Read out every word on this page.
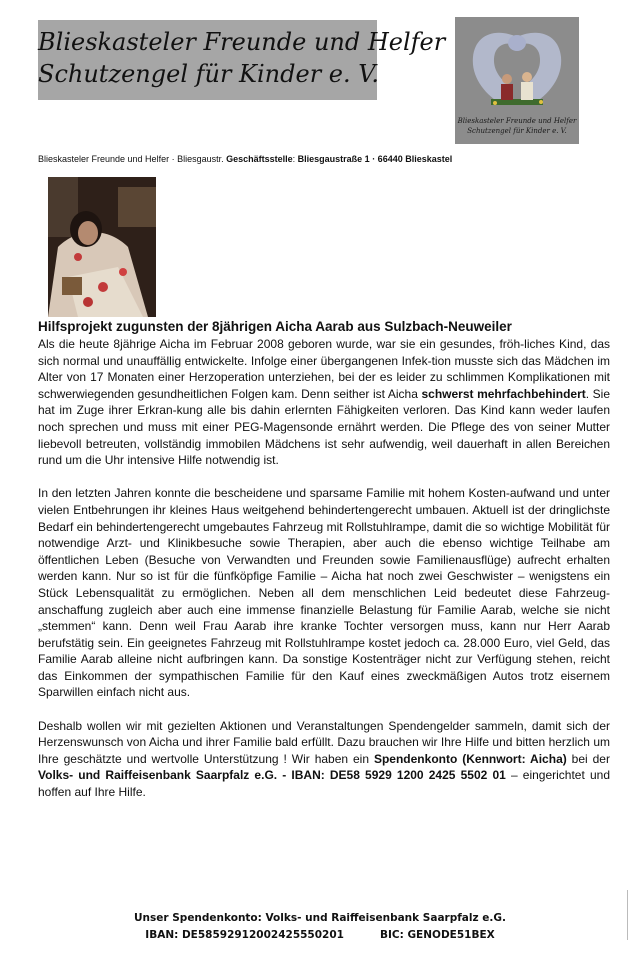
Blieskasteler Freunde und Helfer
Schutzengel für Kinder e. V.
Blieskasteler Freunde und Helfer
Schutzengel für Kinder e. V.
Blieskasteler Freunde und Helfer · Bliesgaustr. Geschäftsstelle: Bliesgaustraße 1 · 66440 Blieskastel
Hilfsprojekt zugunsten der 8jährigen Aicha Aarab aus Sulzbach-Neuweiler

Als die heute 8jährige Aicha im Februar 2008 geboren wurde, war sie ein gesundes, fröh-liches Kind, das sich normal und unauffällig entwickelte. Infolge einer übergangenen Infek-tion musste sich das Mädchen im Alter von 17 Monaten einer Herzoperation unterziehen, bei der es leider zu schlimmen Komplikationen mit schwerwiegenden gesundheitlichen Folgen kam. Denn seither ist Aicha schwerst mehrfachbehindert. Sie hat im Zuge ihrer Erkran-kung alle bis dahin erlernten Fähigkeiten verloren. Das Kind kann weder laufen noch sprechen und muss mit einer PEG-Magensonde ernährt werden. Die Pflege des von seiner Mutter liebevoll betreuten, vollständig immobilen Mädchens ist sehr aufwendig, weil dauerhaft in allen Bereichen rund um die Uhr intensive Hilfe notwendig ist.

In den letzten Jahren konnte die bescheidene und sparsame Familie mit hohem Kosten-aufwand und unter vielen Entbehrungen ihr kleines Haus weitgehend behindertengerecht umbauen. Aktuell ist der dringlichste Bedarf ein behindertengerecht umgebautes Fahrzeug mit Rollstuhlrampe, damit die so wichtige Mobilität für notwendige Arzt- und Klinikbesuche sowie Therapien, aber auch die ebenso wichtige Teilhabe am öffentlichen Leben (Besuche von Verwandten und Freunden sowie Familienausflüge) aufrecht erhalten werden kann. Nur so ist für die fünfköpfige Familie – Aicha hat noch zwei Geschwister – wenigstens ein Stück Lebensqualität zu ermöglichen. Neben all dem menschlichen Leid bedeutet diese Fahrzeug-anschaffung zugleich aber auch eine immense finanzielle Belastung für Familie Aarab, welche sie nicht „stemmen“ kann. Denn weil Frau Aarab ihre kranke Tochter versorgen muss, kann nur Herr Aarab berufstätig sein. Ein geeignetes Fahrzeug mit Rollstuhlrampe kostet jedoch ca. 28.000 Euro, viel Geld, das Familie Aarab alleine nicht aufbringen kann. Da sonstige Kostenträger nicht zur Verfügung stehen, reicht das Einkommen der sympathischen Familie für den Kauf eines zweckmäßigen Autos trotz eisernem Sparwillen einfach nicht aus.

Deshalb wollen wir mit gezielten Aktionen und Veranstaltungen Spendengelder sammeln, damit sich der Herzenswunsch von Aicha und ihrer Familie bald erfüllt. Dazu brauchen wir Ihre Hilfe und bitten herzlich um Ihre geschätzte und wertvolle Unterstützung ! Wir haben ein Spendenkonto (Kennwort: Aicha) bei der Volks- und Raiffeisenbank Saarpfalz e.G. - IBAN: DE58 5929 1200 2425 5502 01 – eingerichtet und hoffen auf Ihre Hilfe.

Unser Spendenkonto: Volks- und Raiffeisenbank Saarpfalz e.G.
IBAN: DE58592912002425550201	BIC: GENODE51BEX
